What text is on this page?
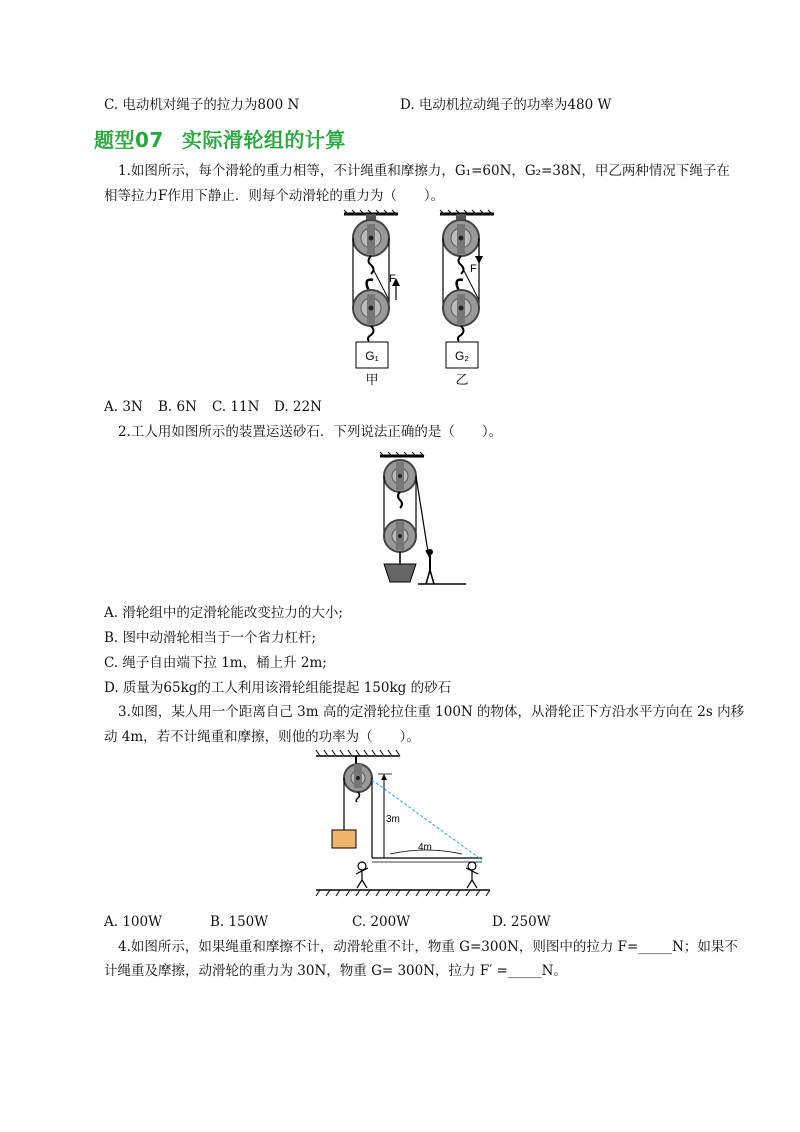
C. 电动机对绳子的拉力为800 N	D. 电动机拉动绳子的功率为480 W
题型07 实际滑轮组的计算
1.如图所示，每个滑轮的重力相等，不计绳重和摩擦力，G₁=60N，G₂=38N，甲乙两种情况下绳子在
相等拉力F作用下静止．则每个动滑轮的重力为（　　）。
F
G₁
甲
F
G₂
乙
A. 3N B. 6N C. 11N D. 22N
2.工人用如图所示的装置运送砂石．下列说法正确的是（　　）。
A. 滑轮组中的定滑轮能改变拉力的大小;
B. 图中动滑轮相当于一个省力杠杆;
C. 绳子自由端下拉 1m，桶上升 2m;
D. 质量为65kg的工人利用该滑轮组能提起 150kg 的砂石
3.如图，某人用一个距离自己 3m 高的定滑轮拉住重 100N 的物体，从滑轮正下方沿水平方向在 2s 内移
动 4m，若不计绳重和摩擦，则他的功率为（　　）。
3m
4m
A. 100W	B. 150W	C. 200W	D. 250W
4.如图所示，如果绳重和摩擦不计，动滑轮重不计，物重 G=300N，则图中的拉力 F=_____N；如果不
计绳重及摩擦，动滑轮的重力为 30N，物重 G= 300N，拉力 F′ =_____N。
